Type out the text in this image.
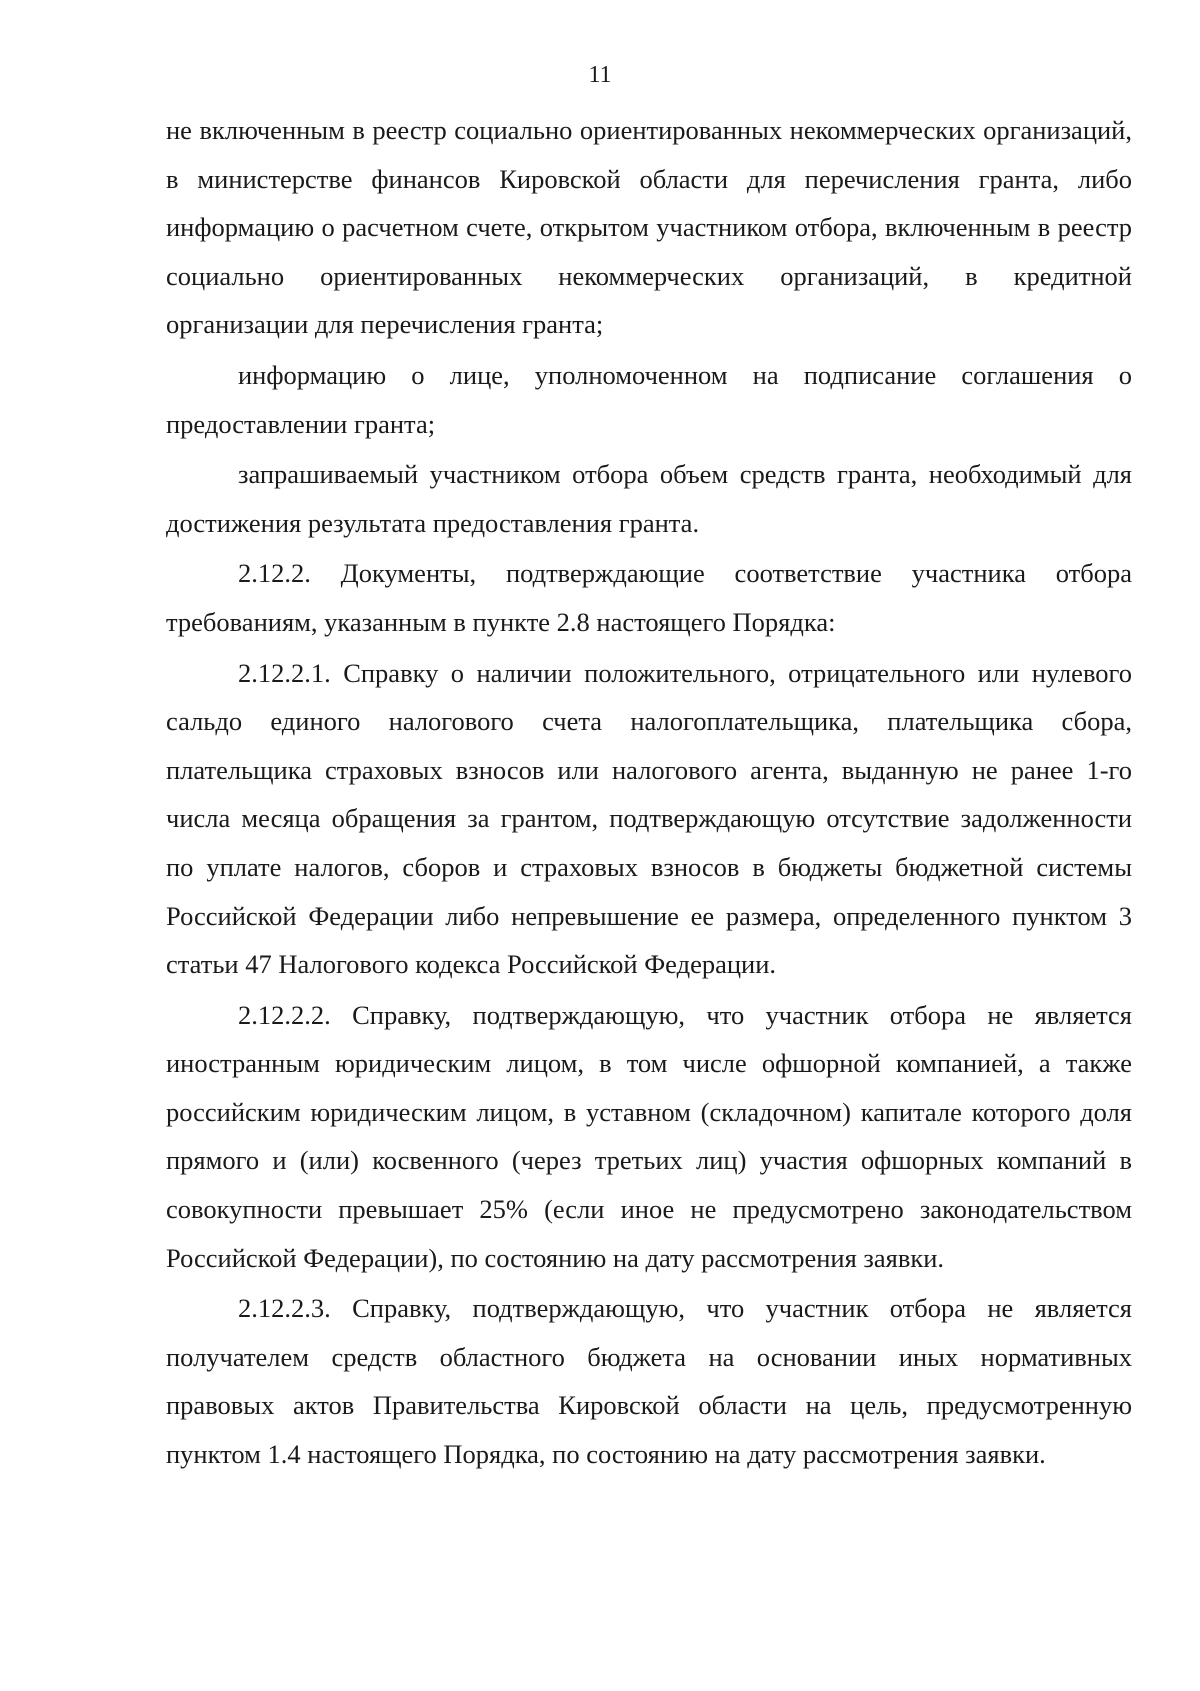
11

не включенным в реестр социально ориентированных некоммерческих организаций, в министерстве финансов Кировской области для перечисления гранта, либо информацию о расчетном счете, открытом участником отбора, включенным в реестр социально ориентированных некоммерческих организаций, в кредитной организации для перечисления гранта;

информацию о лице, уполномоченном на подписание соглашения о предоставлении гранта;

запрашиваемый участником отбора объем средств гранта, необходимый для достижения результата предоставления гранта.

2.12.2. Документы, подтверждающие соответствие участника отбора требованиям, указанным в пункте 2.8 настоящего Порядка:

2.12.2.1. Справку о наличии положительного, отрицательного или нулевого сальдо единого налогового счета налогоплательщика, плательщика сбора, плательщика страховых взносов или налогового агента, выданную не ранее 1-го числа месяца обращения за грантом, подтверждающую отсутствие задолженности по уплате налогов, сборов и страховых взносов в бюджеты бюджетной системы Российской Федерации либо непревышение ее размера, определенного пунктом 3 статьи 47 Налогового кодекса Российской Федерации.

2.12.2.2. Справку, подтверждающую, что участник отбора не является иностранным юридическим лицом, в том числе офшорной компанией, а также российским юридическим лицом, в уставном (складочном) капитале которого доля прямого и (или) косвенного (через третьих лиц) участия офшорных компаний в совокупности превышает 25% (если иное не предусмотрено законодательством Российской Федерации), по состоянию на дату рассмотрения заявки.

2.12.2.3. Справку, подтверждающую, что участник отбора не является получателем средств областного бюджета на основании иных нормативных правовых актов Правительства Кировской области на цель, предусмотренную пунктом 1.4 настоящего Порядка, по состоянию на дату рассмотрения заявки.
